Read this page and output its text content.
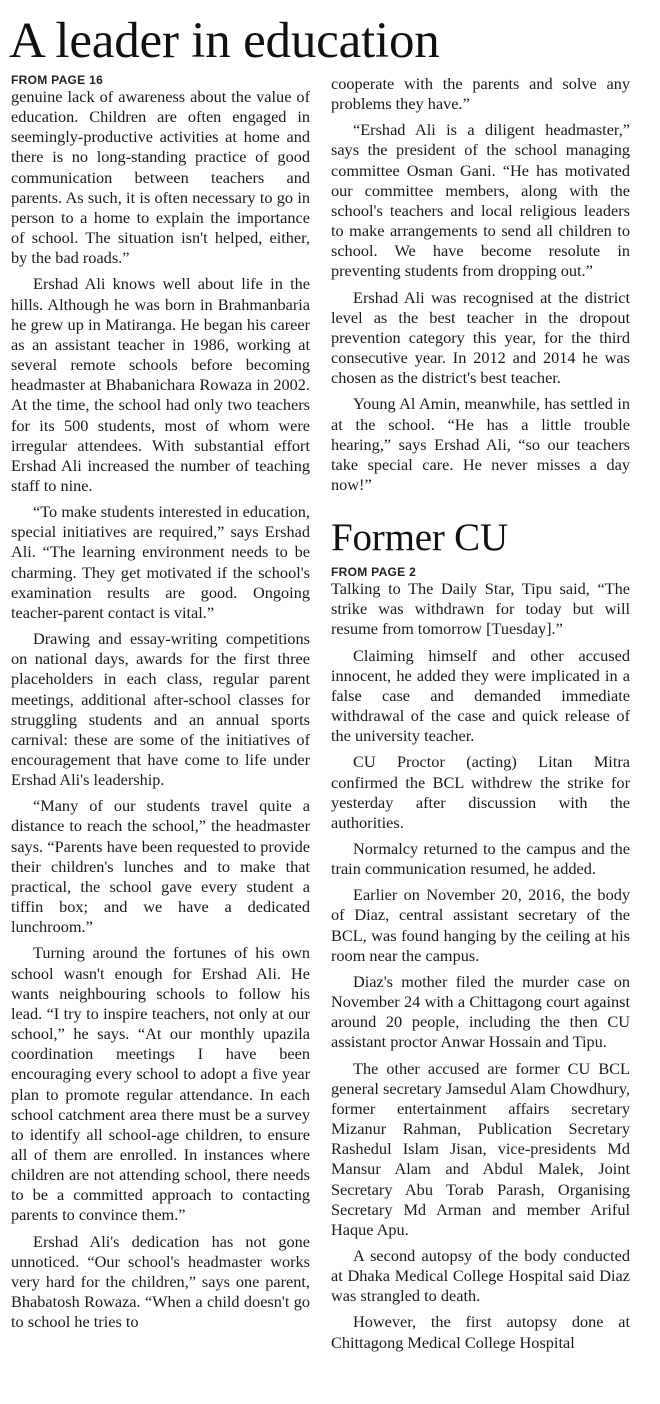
A leader in education
FROM PAGE 16

genuine lack of awareness about the value of education. Children are often engaged in seemingly-productive activities at home and there is no long-standing practice of good communication between teachers and parents. As such, it is often necessary to go in person to a home to explain the importance of school. The situation isn't helped, either, by the bad roads.”

Ershad Ali knows well about life in the hills. Although he was born in Brahmanbaria he grew up in Matiranga. He began his career as an assistant teacher in 1986, working at several remote schools before becoming headmaster at Bhabanichara Rowaza in 2002. At the time, the school had only two teachers for its 500 students, most of whom were irregular attendees. With substantial effort Ershad Ali increased the number of teaching staff to nine.

“To make students interested in education, special initiatives are required,” says Ershad Ali. “The learning environment needs to be charming. They get motivated if the school's examination results are good. Ongoing teacher-parent contact is vital.”

Drawing and essay-writing competitions on national days, awards for the first three placeholders in each class, regular parent meetings, additional after-school classes for struggling students and an annual sports carnival: these are some of the initiatives of encouragement that have come to life under Ershad Ali's leadership.

“Many of our students travel quite a distance to reach the school,” the headmaster says. “Parents have been requested to provide their children's lunches and to make that practical, the school gave every student a tiffin box; and we have a dedicated lunchroom.”

Turning around the fortunes of his own school wasn't enough for Ershad Ali. He wants neighbouring schools to follow his lead. “I try to inspire teachers, not only at our school,” he says. “At our monthly upazila coordination meetings I have been encouraging every school to adopt a five year plan to promote regular attendance. In each school catchment area there must be a survey to identify all school-age children, to ensure all of them are enrolled. In instances where children are not attending school, there needs to be a committed approach to contacting parents to convince them.”

Ershad Ali's dedication has not gone unnoticed. “Our school's headmaster works very hard for the children,” says one parent, Bhabatosh Rowaza. “When a child doesn't go to school he tries to

cooperate with the parents and solve any problems they have.”

“Ershad Ali is a diligent headmaster,” says the president of the school managing committee Osman Gani. “He has motivated our committee members, along with the school's teachers and local religious leaders to make arrangements to send all children to school. We have become resolute in preventing students from dropping out.”

Ershad Ali was recognised at the district level as the best teacher in the dropout prevention category this year, for the third consecutive year. In 2012 and 2014 he was chosen as the district's best teacher.

Young Al Amin, meanwhile, has settled in at the school. “He has a little trouble hearing,” says Ershad Ali, “so our teachers take special care. He never misses a day now!”

Former CU
FROM PAGE 2

Talking to The Daily Star, Tipu said, “The strike was withdrawn for today but will resume from tomorrow [Tuesday].”

Claiming himself and other accused innocent, he added they were implicated in a false case and demanded immediate withdrawal of the case and quick release of the university teacher.

CU Proctor (acting) Litan Mitra confirmed the BCL withdrew the strike for yesterday after discussion with the authorities.

Normalcy returned to the campus and the train communication resumed, he added.

Earlier on November 20, 2016, the body of Diaz, central assistant secretary of the BCL, was found hanging by the ceiling at his room near the campus.

Diaz's mother filed the murder case on November 24 with a Chittagong court against around 20 people, including the then CU assistant proctor Anwar Hossain and Tipu.

The other accused are former CU BCL general secretary Jamsedul Alam Chowdhury, former entertainment affairs secretary Mizanur Rahman, Publication Secretary Rashedul Islam Jisan, vice-presidents Md Mansur Alam and Abdul Malek, Joint Secretary Abu Torab Parash, Organising Secretary Md Arman and member Ariful Haque Apu.

A second autopsy of the body conducted at Dhaka Medical College Hospital said Diaz was strangled to death.

However, the first autopsy done at Chittagong Medical College Hospital
